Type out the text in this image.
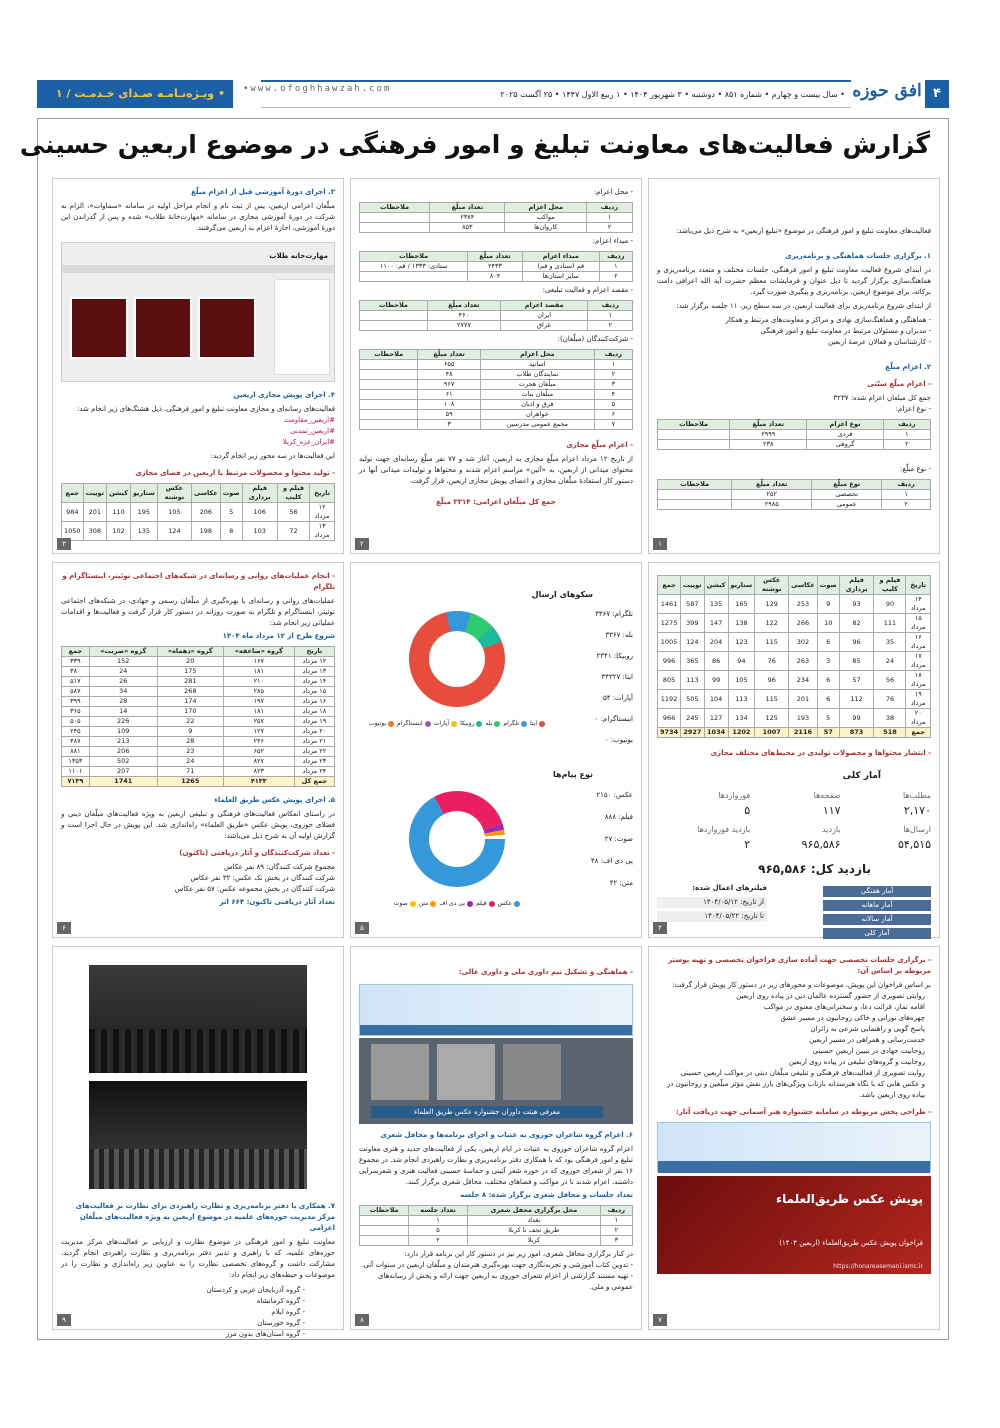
۴
افق حوزه
• سال بیست و چهارم • شماره ۸۵۱ • دوشنبه • ۳ شهریور ۱۴۰۴ • ۱ ربیع الاول ۱۴۴۷ • ۲۵ آگست ۲۰۲۵
•www.ofoghhawzah.com
• ویـژه‌نـامـه صـدای خـدمـت / ۱
گزارش فعالیت‌های معاونت تبلیغ و امور فرهنگی در موضوع اربعین حسینی
فعالیت‌های معاونت تبلیغ و امور فرهنگی در موضوع «تبلیغ اربعین» به شرح ذیل می‌باشد:
۱. برگزاری جلسات هماهنگی و برنامه‌ریزی
در ابتدای شروع فعالیت معاونت تبلیغ و امور فرهنگی، جلسات مختلف و متعدد برنامه‌ریزی و هماهنگ‌سازی برگزار گردید تا ذیل عنوان و فرمایشات معظم حضرت آیة الله اعرافی دامت برکاته، برای موضوع اربعین، برنامه‌ریزی و پیگیری صورت گیرد.
از ابتدای شروع برنامه‌ریزی برای فعالیت اربعین، در سه سطح زیر، ۱۱ جلسه برگزار شد:
- هماهنگی و هماهنگ‌سازی نهادی و مراکز و معاونت‌های مرتبط و همکار
- مدیران و مسئولان مرتبط در معاونت تبلیغ و امور فرهنگی
- کارشناسان و فعالان عرصهٔ اربعین
۲. اعزام مبلّغ
- اعزام مبلّغ سنّتی
جمع کل مبلغان اعزام شده: ۳۲۳۷
- نوع اعزام:
ردیف	نوع اعزام	تعداد مبلّغ	ملاحظات
۱	فردی	۲۹۹۹	
۲	گروهی	۲۳۸	
- نوع مبلّغ:
ردیف	نوع مبلّغ	تعداد مبلّغ	ملاحظات
۱	تخصصی	۲۵۲	
۲	عمومی	۲۹۸۵	
۱
- محل اعزام:
ردیف	محل اعزام	تعداد مبلّغ	ملاحظات
۱	مواکب	۲۳۸۴	
۲	کاروان‌ها	۸۵۳	
- مبداء اعزام:
ردیف	مبداء اعزام	تعداد مبلّغ	ملاحظات
۱	قم (ستادی و قم)	۲۴۳۳	ستادی: ۱۳۳۳ / قم: ۱۱۰۰
۲	سایر استان‌ها	۸۰۴	
- مقصد اعزام و فعالیت تبلیغی:
ردیف	مقصد اعزام	تعداد مبلّغ	ملاحظات
۱	ایران	۴۶۰	
۲	عراق	۲۷۷۷	
- شرکت‌کنندگان (مبلّغان):
ردیف	محل اعزام	تعداد مبلّغ	ملاحظات
۱	اساتید	۶۵۵	
۲	نمایندگان طلاب	۴۸	
۳	مبلّغان هجرت	۹۶۷	
۴	مبلّغان بنات	۶۱	
۵	فرق و ادیان	۱۰۸	
۶	خواهران	۵۹	
۷	مجمع عمومی مدرسین	۳	
- اعزام مبلّغ مجازی
از تاریخ ۱۲ مرداد اعزام مبلّغ مجازی به اربعین، آغاز شد و ۷۷ نفر مبلّغ رسانه‌ای جهت تولید محتوای میدانی از اربعین، به «آئین» مراسم اعزام شدند و محتواها و تولیدات میدانی آنها در دستور کار استفادهٔ مبلّغان مجازی و اعضای پویش مجازی اربعین، قرار گرفت.
جمع کل مبلّغان اعزامی: ۳۳۱۴ مبلّغ
۲
۳. اجرای دورهٔ آموزشی قبل از اعزام مبلّغ
مبلّغان اعزامی اربعین، پس از ثبت نام و انجام مراحل اولیه در سامانه «سماوات»، الزام به شرکت در دورهٔ آموزشی مجازی در سامانه «مهارت‌خانهٔ طلاب» شده و پس از گذراندن این دورهٔ آموزشی، اجازهٔ اعزام به اربعین می‌گرفتند.
مهارت‌خانه طلاب
۴. اجرای پویش مجازی اربعین
فعالیت‌های رسانه‌ای و مجازی معاونت تبلیغ و امور فرهنگی، ذیل هشتگ‌های زیر انجام شد:
#اربعین_مقاومت
#اربعین_تمدنی
#ایران_غزه_کربلا
این فعالیت‌ها در سه محور زیر انجام گردید:
- تولید محتوا و محصولات مرتبط با اربعین در فضای مجازی
تاریخ	فیلم و کلیپ	فیلم برداری	صوت	عکاسی	عکس نوشته	ستاریو	کیشن	توییت	جمع
۱۲ مرداد	56	106	5	206	105	195	110	201	984
۱۳ مرداد	72	103	8	198	124	135	102	308	1050
۳
تاریخ	فیلم و کلیپ	فیلم برداری	صوت	عکاسی	عکس نوشته	ستاریو	کیشن	توییت	جمع
۱۴ مرداد	90	93	9	253	129	165	135	587	1461
۱۵ مرداد	111	82	10	266	122	138	147	399	1275
۱۶ مرداد	35	96	6	302	115	123	204	124	1005
۱۷ مرداد	24	85	3	263	76	94	86	365	996
۱۸ مرداد	56	57	6	234	96	105	99	113	805
۱۹ مرداد	76	112	6	201	115	113	104	505	1192
۲۰ مرداد	38	99	5	193	125	134	127	245	966
جمع	518	873	57	2116	1007	1202	1034	2927	9734
- انتشار محتواها و محصولات تولیدی در محیط‌های مختلف مجازی
آمار کلی
مطلب‌ها
۲,۱۷۰
صفحه‌ها
۱۱۷
فورواردها
۵
ارسال‌ها
۵۴,۵۱۵
بازدید
۹۶۵,۵۸۶
بازدید فورواردها
۲
بازدید کل: ۹۶۵,۵۸۶
آمار هفتگی
آمار ماهانه
آمار سالانه
آمار کلی
فیلترهای اعمال شده:
از تاریخ: ۱۴۰۴/۰۵/۱۲
تا تاریخ: ۱۴۰۴/۰۵/۲۲
۴
سکوهای ارسال
تلگرام: ۳۳۶۷
بله: ۳۳۶۷
روبیکا: ۲۳۴۱
ایتا: ۳۴۳۲۷
آپارات: ۵۴
اینستاگرام: ۰
یوتیوب: ۰
ایتا
تلگرام
بله
روبیکا
آپارات
اینستاگرام
یوتیوب
نوع پیام‌ها
عکس: ۲۱۵۰
فیلم: ۸۸۸
صوت: ۲۷
پی دی اف: ۴۸
متن: ۴۲
عکس
فیلم
پی دی اف
متن
صوت
۵
- انجام عملیات‌های روانی و رسانه‌ای در شبکه‌های اجتماعی توئیتر، اینستاگرام و تلگرام
عملیات‌های روانی و رسانه‌ای با بهره‌گیری از مبلّغان رسمی و جهادی، در شبکه‌های اجتماعی توئیتر، اینستاگرام و تلگرام به صورت روزانه در دستور کار قرار گرفت و فعالیت‌ها و اقدامات عملیاتی زیر انجام شد:
شروع طرح از ۱۲ مرداد ماه ۱۴۰۴
تاریخ	گروه «صاعقه»	گروه «دهماه»	گروه «ضربت»	جمع
۱۲ مرداد	۱۶۷	20	152	۳۳۹
۱۳ مرداد	۱۸۱	175	24	۳۸۰
۱۴ مرداد	۲۱۰	281	26	۵۱۷
۱۵ مرداد	۲۸۵	268	34	۵۸۷
۱۶ مرداد	۱۹۷	174	28	۳۹۹
۱۸ مرداد	۱۸۱	170	14	۳۶۵
۱۹ مرداد	۲۵۷	22	226	۵۰۵
۲۰ مرداد	۱۲۷	9	109	۲۴۵
۲۱ مرداد	۲۴۶	28	213	۴۸۷
۲۲ مرداد	۶۵۲	23	206	۸۸۱
۲۳ مرداد	۸۲۷	24	502	۱۳۵۳
۲۴ مرداد	۸۲۳	71	207	۱۱۰۱
جمع کل	۴۱۳۳	1265	1741	۷۱۳۹
۵. اجرای پویش عکس طریق العلماء
در راستای انعکاس فعالیت‌های فرهنگی و تبلیغی اربعین به ویژه فعالیت‌های مبلّغان دینی و فضلای حوزوی، پویش عکس «طریق العلماء» راه‌اندازی شد. این پویش در حال اجرا است و گزارش اولیه آن به شرح ذیل می‌باشد:
- تعداد شرکت‌کنندگان و آثار دریافتی (تاکنون)
مجموع شرکت کنندگان: ۸۹ نفر عکاس
شرکت کنندگان در بخش تک عکس: ۳۲ نفر عکاس
شرکت کنندگان در بخش مجموعه عکس: ۵۷ نفر عکاس
تعداد آثار دریافتی تاکنون: ۶۶۴ اثر
۶
- برگزاری جلسات تخصصی جهت آماده سازی فراخوان تخصصی و تهیه پوستر مربوطه بر اساس آن:
بر اساس فراخوان این پویش، موضوعات و محورهای زیر در دستور کار پویش قرار گرفت:
روایتی تصویری از حضور گسترده عالمان دین در پیاده روی اربعین
اقامه نماز، قرائت دعا، و سخنرانی‌های معنوی در مواکب
چهره‌های نورانی و خاکی روحانیون در مسیر عشق
پاسخ گویی و راهنمایی شرعی به زائران
خدمت‌رسانی و همراهی در مسیر اربعین
روحانیت جهادی در تبیین اربعین حسینی
روحانیت و گروه‌های تبلیغی در پیاده روی اربعین
روایت تصویری از فعالیت‌های فرهنگی و تبلیغی مبلّغان دینی در مواکب اربعین حسینی
و عکس هایی که با نگاه هنرمندانه بازتاب ویژگی‌های بارز نقش مؤثر مبلّغین و روحانیون در پیاده روی اربعین باشد.
- طراحی پخش مربوطه در سامانه جشنواره هنر آسمانی جهت دریافت آثار:
پویش عکس طریق‌العلماء
فراخوان پویش عکس طریق‌العلماء (اربعین ۱۴۰۴)
https://honareasemani.ismc.ir
۷
- هماهنگی و تشکیل تیم داوری ملی و داوری عالی:
معرفی هیئت داوران جشنواره عکس طریق العلماء
۶. اعزام گروه شاعران حوزوی به عتبات و اجرای برنامه‌ها و محافل شعری
اعزام گروه شاعران حوزوی به عتبات در ایام اربعین، یکی از فعالیت‌های جدید و هنری معاونت تبلیغ و امور فرهنگی بود که با همکاری دفتر برنامه‌ریزی و نظارت راهبردی انجام شد. در مجموع ۱۶ نفر از شعرای حوزوی که در حوزه شعر آئینی و حماسهٔ حسینی فعالیت هنری و شعرسرایی داشتند، اعزام شدند تا در مواکب و فضاهای مختلف، محافل شعری برگزار کنند.
تعداد جلسات و محافل شعری برگزار شده: ۸ جلسه
ردیف	محل برگزاری محفل شعری	تعداد جلسه	ملاحظات
۱	بغداد	۱	
۲	طریق نجف تا کربلا	۵	
۳	کربلا	۲	
در کنار برگزاری محافل شعری، امور زیر نیز در دستور کار این برنامه قرار دارد:
- تدوین کتاب آموزشی و تجربه‌نگاری جهت بهره‌گیری هنرمندان و مبلّغان اربعین در سنوات آتی.
- تهیه مستند گزارشی از اعزام شعرای حوزوی به اربعین جهت ارائه و پخش از رسانه‌های عمومی و ملی.
۸
۷. همکاری با دفتر برنامه‌ریزی و نظارت راهبردی برای نظارت بر فعالیت‌های مرکز مدیریت حوزه‌های علمیه در موضوع اربعین به ویژه فعالیت‌های مبلّغان اعزامی
معاونت تبلیغ و امور فرهنگی در موضوع نظارت و ارزیابی بر فعالیت‌های مرکز مدیریت حوزه‌های علمیه، که با راهبری و تدبیر دفتر برنامه‌ریزی و نظارت راهبردی انجام گردید، مشارکت داشت و گروه‌های تخصصی نظارت را به عناوین زیر راه‌اندازی و نظارت را در موضوعات و حیطه‌های زیر انجام داد:
- گروه آذربایجان غربی و کردستان
- گروه کرمانشاه
- گروه ایلام
- گروه خوزستان
- گروه استان‌های بدون مرز
۹
